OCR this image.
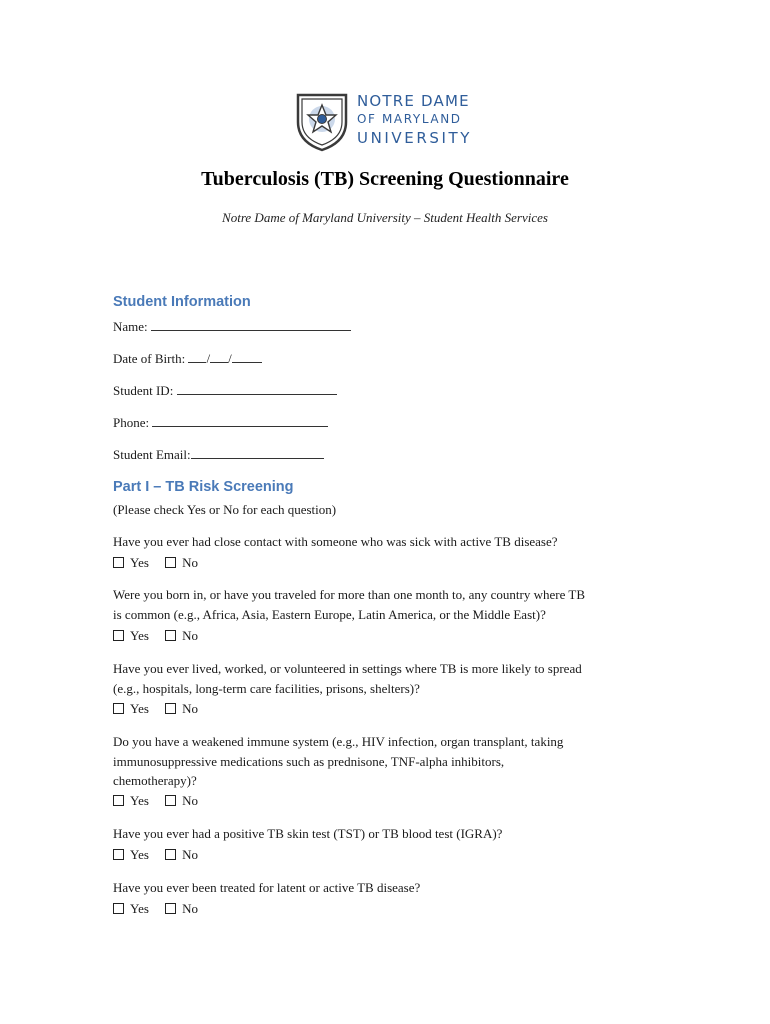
NOTRE DAME
OF MARYLAND
UNIVERSITY
Tuberculosis (TB) Screening Questionnaire
Notre Dame of Maryland University – Student Health Services
Student Information
Name:
Date of Birth: / /
Student ID:
Phone:
Student Email:
Part I – TB Risk Screening
(Please check Yes or No for each question)
Have you ever had close contact with someone who was sick with active TB disease?
Yes	No
Were you born in, or have you traveled for more than one month to, any country where TB
is common (e.g., Africa, Asia, Eastern Europe, Latin America, or the Middle East)?
Yes	No
Have you ever lived, worked, or volunteered in settings where TB is more likely to spread
(e.g., hospitals, long-term care facilities, prisons, shelters)?
Yes	No
Do you have a weakened immune system (e.g., HIV infection, organ transplant, taking
immunosuppressive medications such as prednisone, TNF-alpha inhibitors,
chemotherapy)?
Yes	No
Have you ever had a positive TB skin test (TST) or TB blood test (IGRA)?
Yes	No
Have you ever been treated for latent or active TB disease?
Yes	No
